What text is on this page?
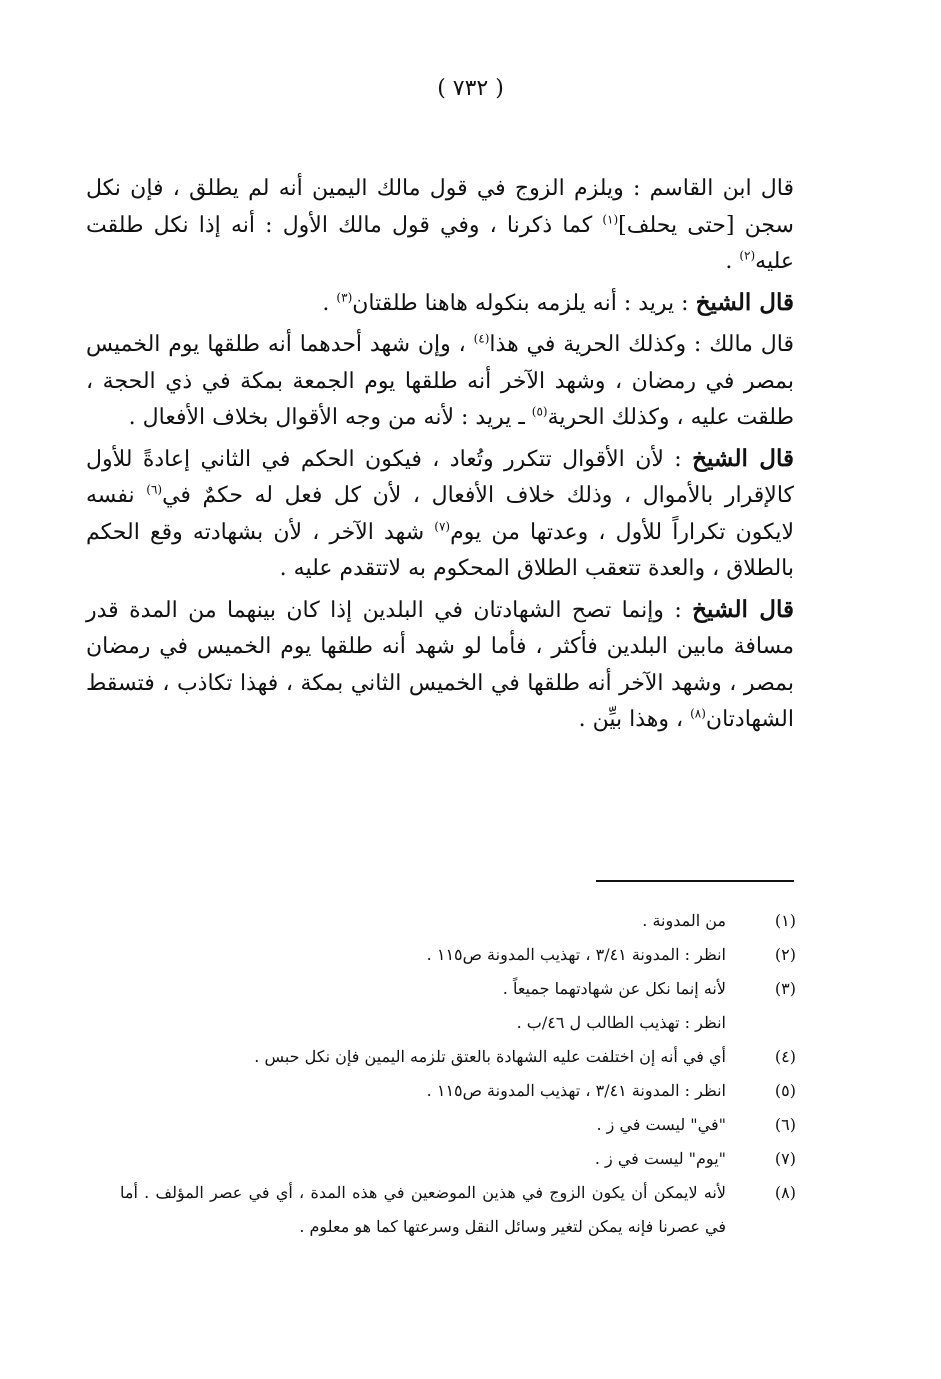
( ٧٣٢ )

قال ابن القاسم : ويلزم الزوج في قول مالك اليمين أنه لم يطلق ، فإن نكل سجن [حتى يحلف]$^{(١)}$ كما ذكرنا ، وفي قول مالك الأول : أنه إذا نكل طلقت عليه$^{(٢)}$ .

قال الشيخ : يريد : أنه يلزمه بنكوله هاهنا طلقتان$^{(٣)}$ .

قال مالك : وكذلك الحرية في هذا$^{(٤)}$ ، وإن شهد أحدهما أنه طلقها يوم الخميس بمصر في رمضان ، وشهد الآخر أنه طلقها يوم الجمعة بمكة في ذي الحجة ، طلقت عليه ، وكذلك الحرية$^{(٥)}$ ـ يريد : لأنه من وجه الأقوال بخلاف الأفعال .

قال الشيخ : لأن الأقوال تتكرر وتُعاد ، فيكون الحكم في الثاني إعادةً للأول كالإقرار بالأموال ، وذلك خلاف الأفعال ، لأن كل فعل له حكمٌ في$^{(٦)}$ نفسه لايكون تكراراً للأول ، وعدتها من يوم$^{(٧)}$ شهد الآخر ، لأن بشهادته وقع الحكم بالطلاق ، والعدة تتعقب الطلاق المحكوم به لاتتقدم عليه .

قال الشيخ : وإنما تصح الشهادتان في البلدين إذا كان بينهما من المدة قدر مسافة مابين البلدين فأكثر ، فأما لو شهد أنه طلقها يوم الخميس في رمضان بمصر ، وشهد الآخر أنه طلقها في الخميس الثاني بمكة ، فهذا تكاذب ، فتسقط الشهادتان$^{(٨)}$ ، وهذا بيِّن .

(١)
من المدونة .
(٢)
انظر : المدونة ٣/٤١ ، تهذيب المدونة ص١١٥ .
(٣)
لأنه إنما نكل عن شهادتهما جميعاً .
انظر : تهذيب الطالب ل ٤٦/ب .
(٤)
أي في أنه إن اختلفت عليه الشهادة بالعتق تلزمه اليمين فإن نكل حبس .
(٥)
انظر : المدونة ٣/٤١ ، تهذيب المدونة ص١١٥ .
(٦)
"في" ليست في ز .
(٧)
"يوم" ليست في ز .
(٨)
لأنه لايمكن أن يكون الزوج في هذين الموضعين في هذه المدة ، أي في عصر المؤلف . أما في عصرنا فإنه يمكن لتغير وسائل النقل وسرعتها كما هو معلوم .
